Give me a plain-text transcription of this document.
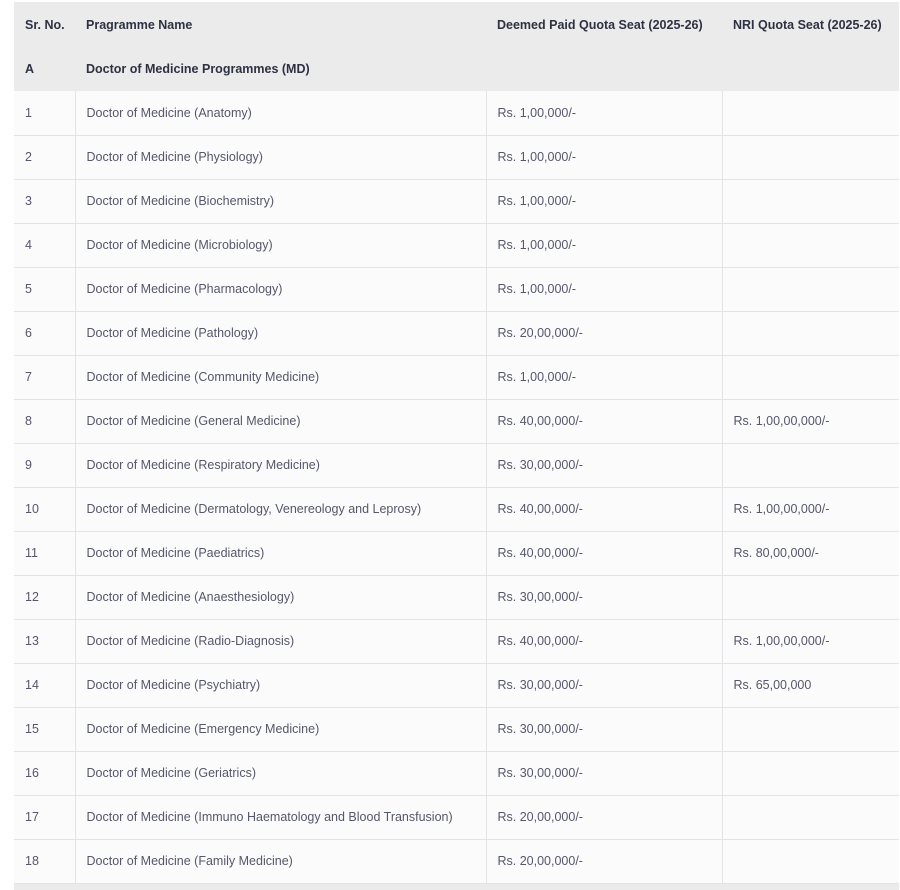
Sr. No.	Pragramme Name	Deemed Paid Quota Seat (2025-26)	NRI Quota Seat (2025-26)
A	Doctor of Medicine Programmes (MD)		
1	Doctor of Medicine (Anatomy)	Rs. 1,00,000/-	
2	Doctor of Medicine (Physiology)	Rs. 1,00,000/-	
3	Doctor of Medicine (Biochemistry)	Rs. 1,00,000/-	
4	Doctor of Medicine (Microbiology)	Rs. 1,00,000/-	
5	Doctor of Medicine (Pharmacology)	Rs. 1,00,000/-	
6	Doctor of Medicine (Pathology)	Rs. 20,00,000/-	
7	Doctor of Medicine (Community Medicine)	Rs. 1,00,000/-	
8	Doctor of Medicine (General Medicine)	Rs. 40,00,000/-	Rs. 1,00,00,000/-
9	Doctor of Medicine (Respiratory Medicine)	Rs. 30,00,000/-	
10	Doctor of Medicine (Dermatology, Venereology and Leprosy)	Rs. 40,00,000/-	Rs. 1,00,00,000/-
11	Doctor of Medicine (Paediatrics)	Rs. 40,00,000/-	Rs. 80,00,000/-
12	Doctor of Medicine (Anaesthesiology)	Rs. 30,00,000/-	
13	Doctor of Medicine (Radio-Diagnosis)	Rs. 40,00,000/-	Rs. 1,00,00,000/-
14	Doctor of Medicine (Psychiatry)	Rs. 30,00,000/-	Rs. 65,00,000
15	Doctor of Medicine (Emergency Medicine)	Rs. 30,00,000/-	
16	Doctor of Medicine (Geriatrics)	Rs. 30,00,000/-	
17	Doctor of Medicine (Immuno Haematology and Blood Transfusion)	Rs. 20,00,000/-	
18	Doctor of Medicine (Family Medicine)	Rs. 20,00,000/-	
